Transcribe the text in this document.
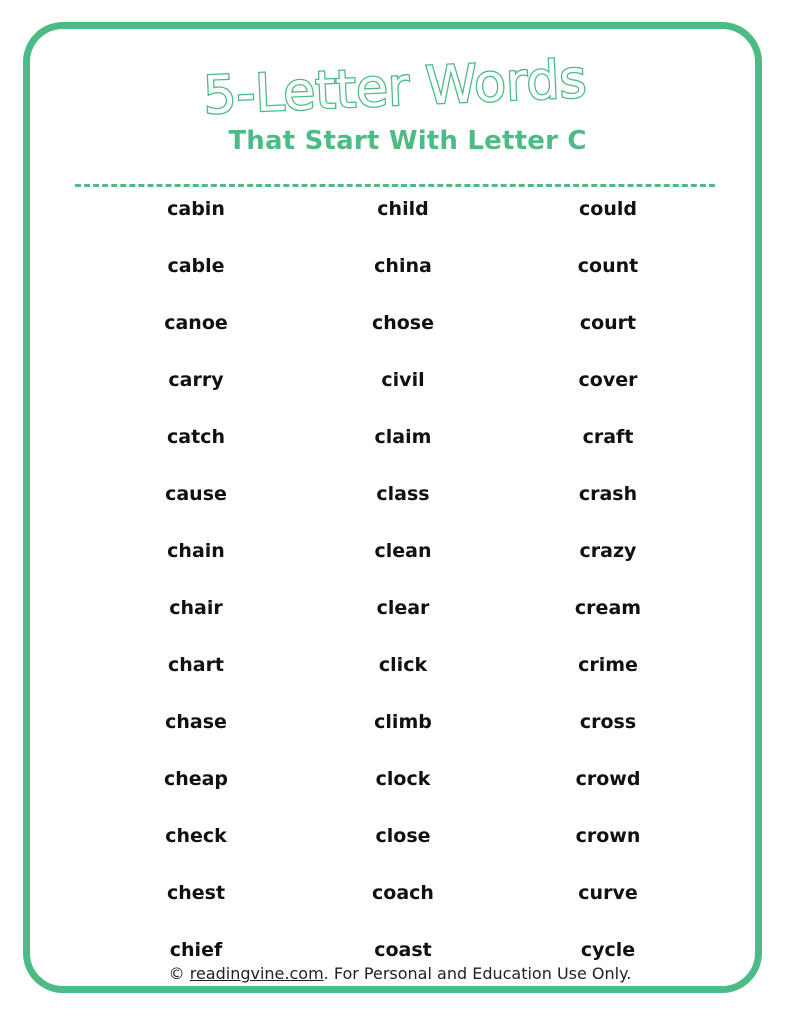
5-Letter Words
That Start With Letter C
cabin
cable
canoe
carry
catch
cause
chain
chair
chart
chase
cheap
check
chest
chief
child
china
chose
civil
claim
class
clean
clear
click
climb
clock
close
coach
coast
could
count
court
cover
craft
crash
crazy
cream
crime
cross
crowd
crown
curve
cycle
© readingvine.com. For Personal and Education Use Only.
